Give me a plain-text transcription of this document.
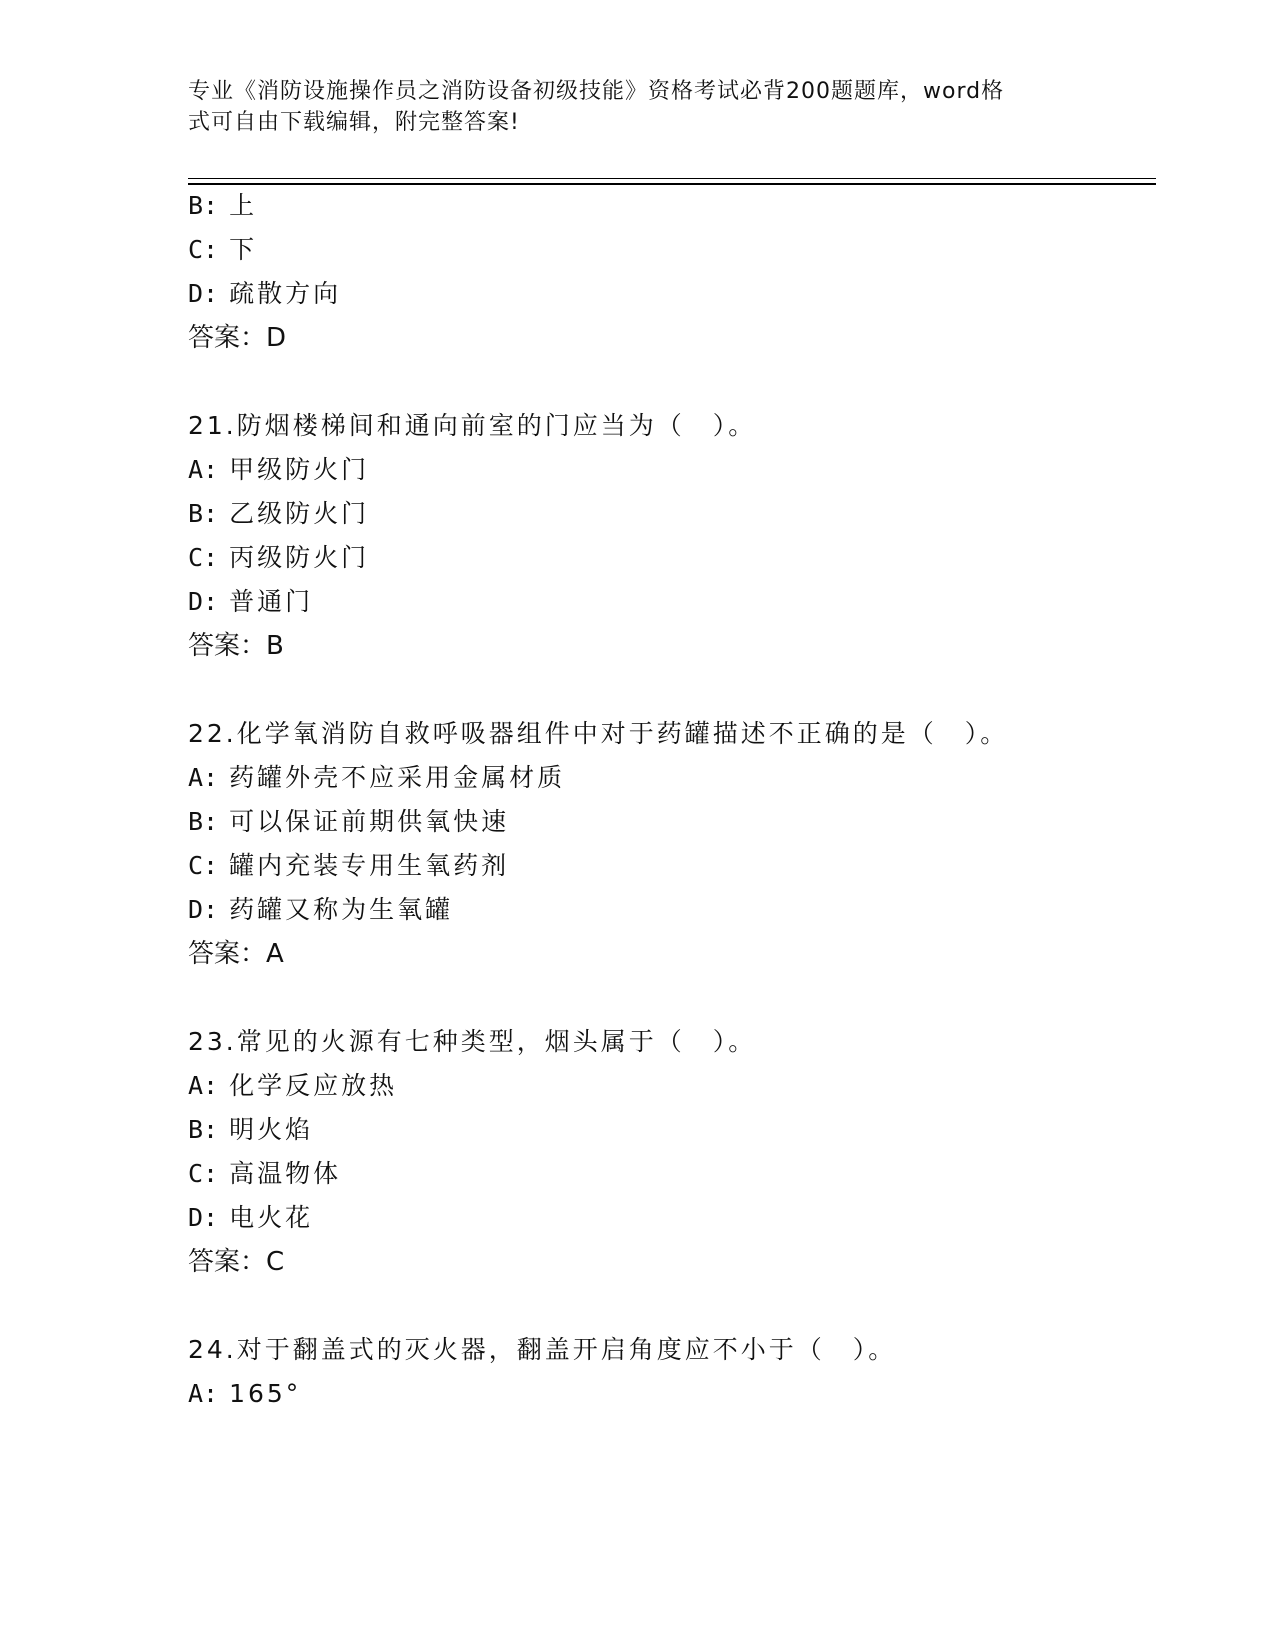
专业《消防设施操作员之消防设备初级技能》资格考试必背200题题库，word格
式可自由下载编辑，附完整答案!
B: 上
C: 下
D: 疏散方向
答案：D
21.防烟楼梯间和通向前室的门应当为（　）。
A: 甲级防火门
B: 乙级防火门
C: 丙级防火门
D: 普通门
答案：B
22.化学氧消防自救呼吸器组件中对于药罐描述不正确的是（　）。
A: 药罐外壳不应采用金属材质
B: 可以保证前期供氧快速
C: 罐内充装专用生氧药剂
D: 药罐又称为生氧罐
答案：A
23.常见的火源有七种类型，烟头属于（　）。
A: 化学反应放热
B: 明火焰
C: 高温物体
D: 电火花
答案：C
24.对于翻盖式的灭火器，翻盖开启角度应不小于（　）。
A: 165°
